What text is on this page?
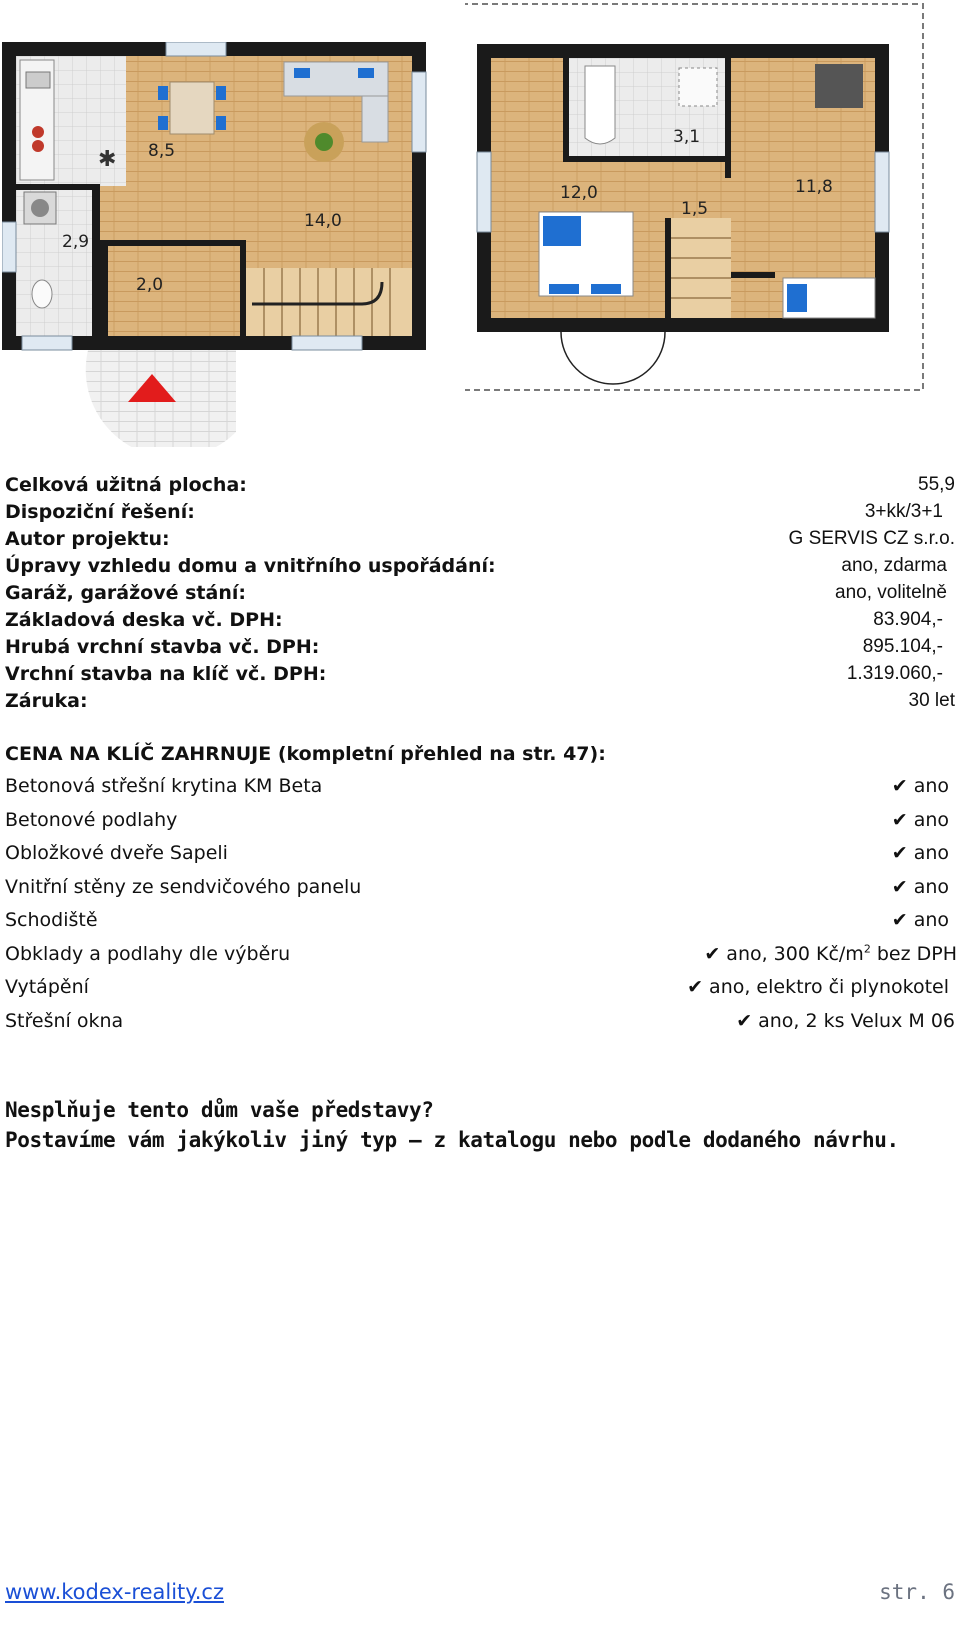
✱ 8,5
14,0
2,9
2,0
3,1
12,0	11,8
1,5
Celková užitná plocha:	55,9
Dispoziční řešení:	3+kk/3+1
Autor projektu:	G SERVIS CZ s.r.o.
Úpravy vzhledu domu a vnitřního uspořádání:	ano, zdarma
Garáž, garážové stání:	ano, volitelně
Základová deska vč. DPH:	83.904,-
Hrubá vrchní stavba vč. DPH:	895.104,-
Vrchní stavba na klíč vč. DPH:	1.319.060,-
Záruka:	30 let
CENA NA KLÍČ ZAHRNUJE (kompletní přehled na str. 47):
Betonová střešní krytina KM Beta	✔ ano
Betonové podlahy	✔ ano
Obložkové dveře Sapeli	✔ ano
Vnitřní stěny ze sendvičového panelu	✔ ano
Schodiště	✔ ano
Obklady a podlahy dle výběru	✔ ano, 300 $Kč/m^2$ bez DPH
Vytápění	✔ ano, elektro či plynokotel
Střešní okna	✔ ano, 2 ks Velux M 06
Nesplňuje tento dům vaše představy?
Postavíme vám jakýkoliv jiný typ – z katalogu nebo podle dodaného návrhu.
www.kodex-reality.cz	str. 6
